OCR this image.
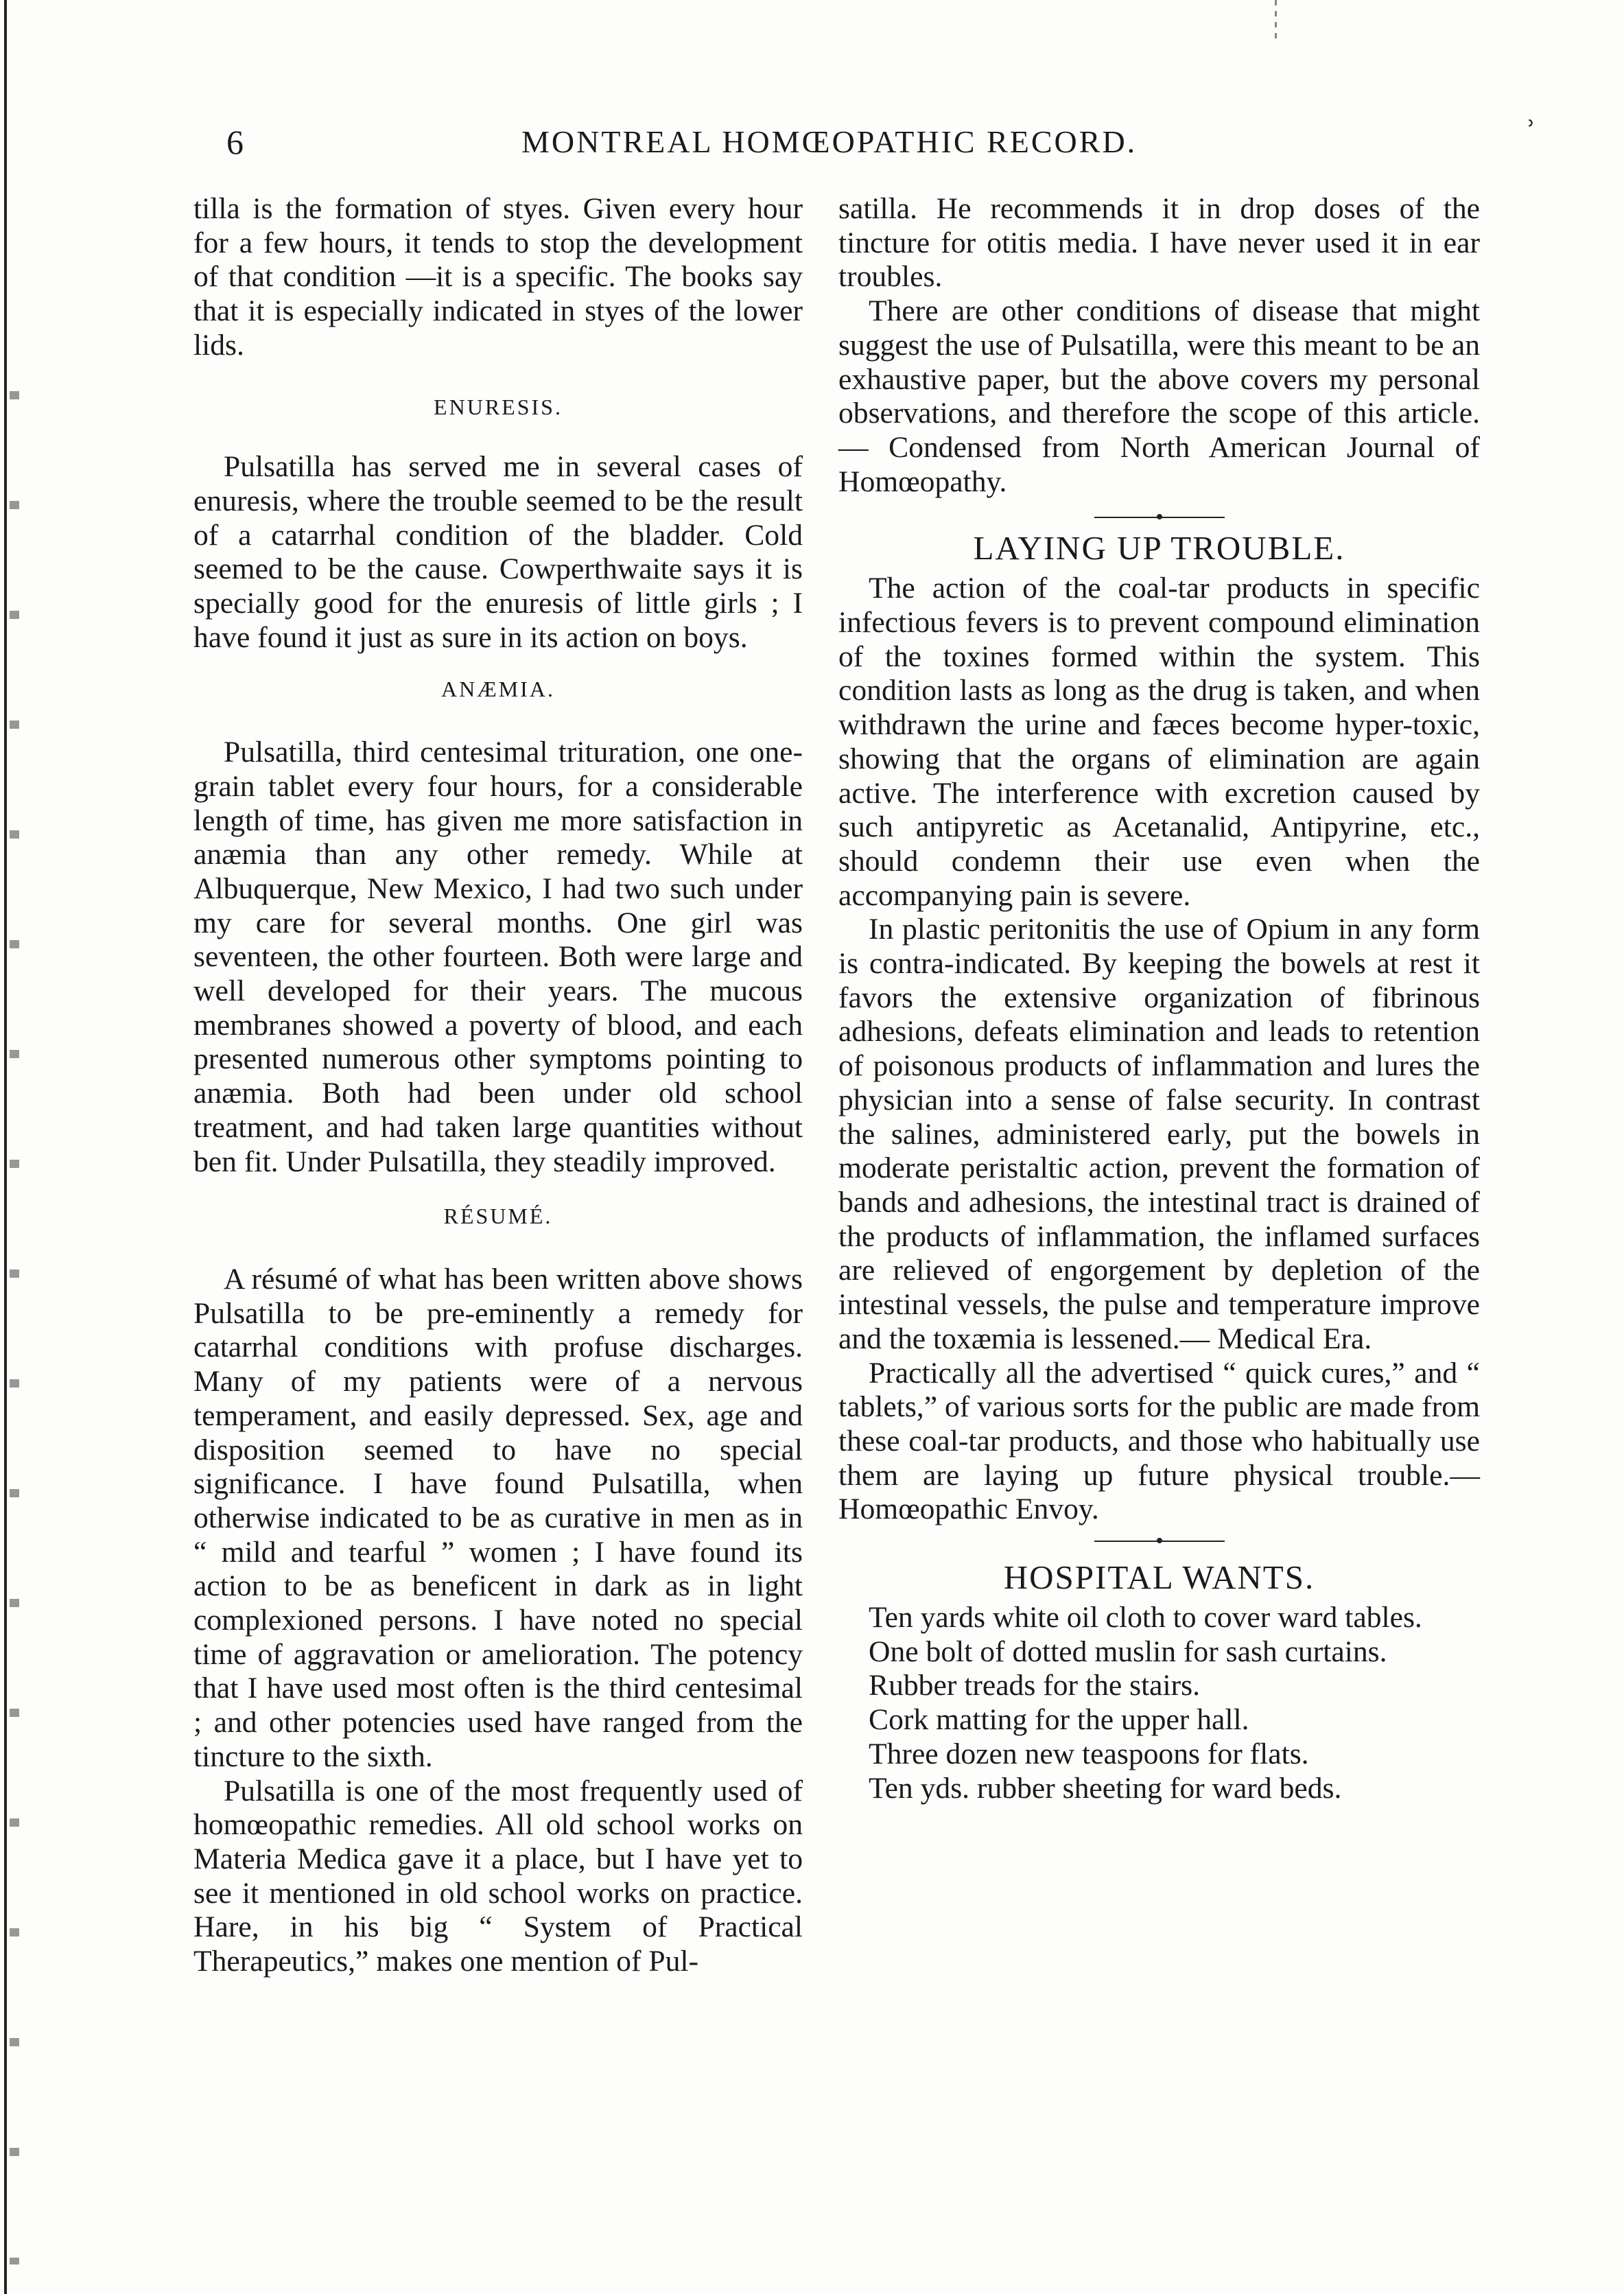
ʾ
6	MONTREAL HOMŒOPATHIC RECORD.

tilla is the formation of styes. Given every hour for a few hours, it tends to stop the development of that condition —it is a specific. The books say that it is especially indicated in styes of the lower lids.

ENURESIS.

Pulsatilla has served me in several cases of enuresis, where the trouble seemed to be the result of a catarrhal condition of the bladder. Cold seemed to be the cause. Cowperthwaite says it is specially good for the enuresis of little girls ; I have found it just as sure in its action on boys.

ANÆMIA.

Pulsatilla, third centesimal trituration, one one-grain tablet every four hours, for a considerable length of time, has given me more satisfaction in anæmia than any other remedy. While at Albuquerque, New Mexico, I had two such under my care for several months. One girl was seventeen, the other fourteen. Both were large and well developed for their years. The mucous membranes showed a poverty of blood, and each presented numerous other symptoms pointing to anæmia. Both had been under old school treatment, and had taken large quantities without ben fit. Under Pulsatilla, they steadily improved.

RÉSUMÉ.

A résumé of what has been written above shows Pulsatilla to be pre-eminently a remedy for catarrhal conditions with profuse discharges. Many of my patients were of a nervous temperament, and easily depressed. Sex, age and disposition seemed to have no special significance. I have found Pulsatilla, when otherwise indicated to be as curative in men as in “ mild and tearful ” women ; I have found its action to be as beneficent in dark as in light complexioned persons. I have noted no special time of aggravation or amelioration. The potency that I have used most often is the third centesimal ; and other potencies used have ranged from the tincture to the sixth.

Pulsatilla is one of the most frequently used of homœopathic remedies. All old school works on Materia Medica gave it a place, but I have yet to see it mentioned in old school works on practice. Hare, in his big “ System of Practical Therapeutics,” makes one mention of Pul-

satilla. He recommends it in drop doses of the tincture for otitis media. I have never used it in ear troubles.

There are other conditions of disease that might suggest the use of Pulsatilla, were this meant to be an exhaustive paper, but the above covers my personal observations, and therefore the scope of this article. — Condensed from North American Journal of Homœopathy.

LAYING UP TROUBLE.

The action of the coal-tar products in specific infectious fevers is to prevent compound elimination of the toxines formed within the system. This condition lasts as long as the drug is taken, and when withdrawn the urine and fæces become hyper-toxic, showing that the organs of elimination are again active. The interference with excretion caused by such antipyretic as Acetanalid, Antipyrine, etc., should condemn their use even when the accompanying pain is severe.

In plastic peritonitis the use of Opium in any form is contra-indicated. By keeping the bowels at rest it favors the extensive organization of fibrinous adhesions, defeats elimination and leads to retention of poisonous products of inflammation and lures the physician into a sense of false security. In contrast the salines, administered early, put the bowels in moderate peristaltic action, prevent the formation of bands and adhesions, the intestinal tract is drained of the products of inflammation, the inflamed surfaces are relieved of engorgement by depletion of the intestinal vessels, the pulse and temperature improve and the toxæmia is lessened.— Medical Era.

Practically all the advertised “ quick cures,” and “ tablets,” of various sorts for the public are made from these coal-tar products, and those who habitually use them are laying up future physical trouble.—Homœopathic Envoy.

HOSPITAL WANTS.

Ten yards white oil cloth to cover ward tables.

One bolt of dotted muslin for sash curtains.

Rubber treads for the stairs.

Cork matting for the upper hall.

Three dozen new teaspoons for flats.

Ten yds. rubber sheeting for ward beds.
